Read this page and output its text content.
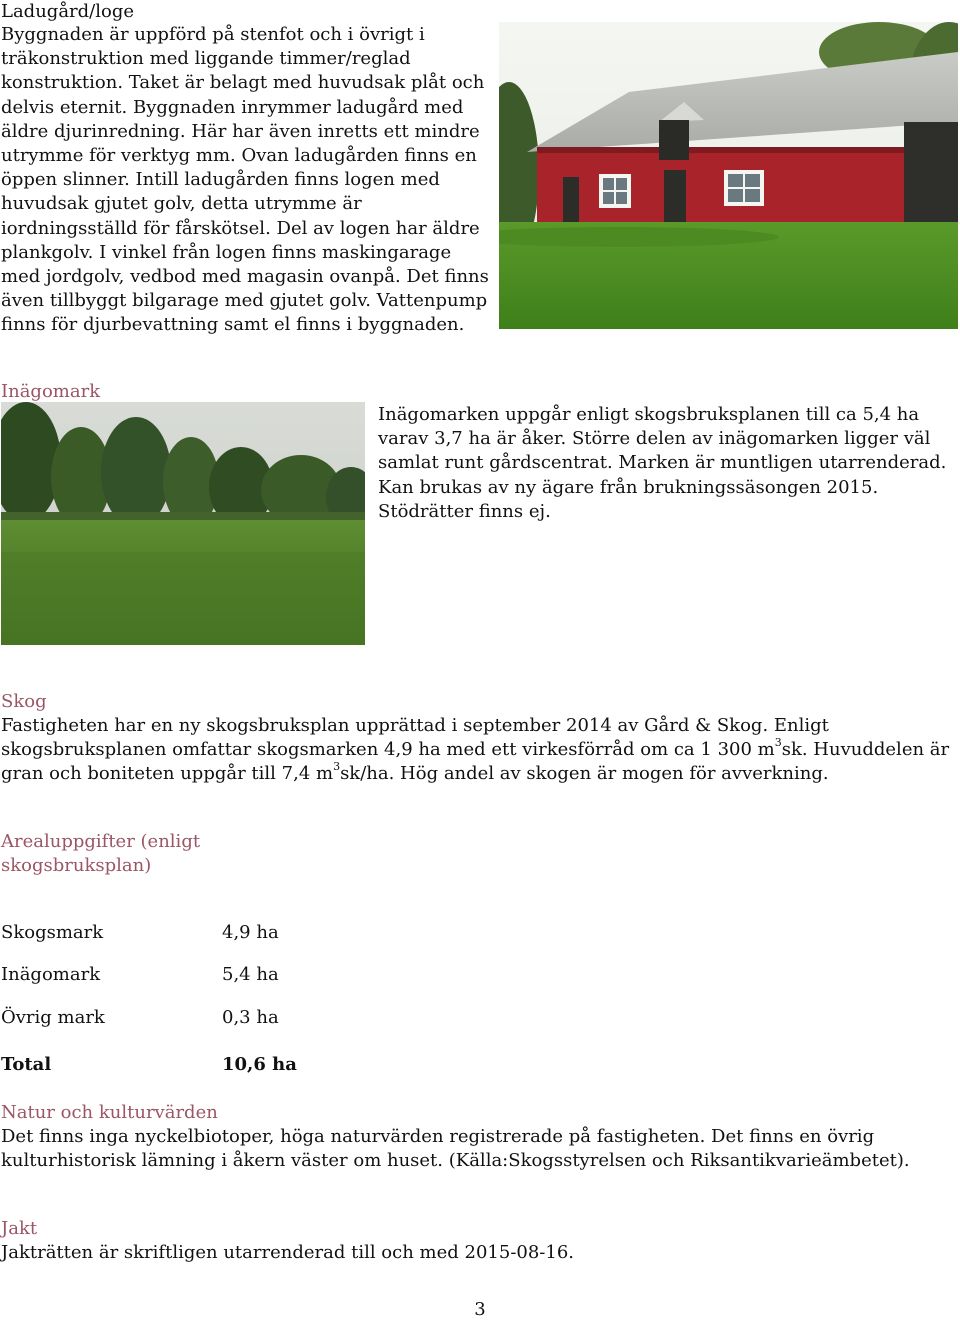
Ladugård/loge
Byggnaden är uppförd på stenfot och i övrigt i träkonstruktion med liggande timmer/reglad konstruktion. Taket är belagt med huvudsak plåt och delvis eternit. Byggnaden inrymmer ladugård med äldre djurinredning. Här har även inretts ett mindre utrymme för verktyg mm. Ovan ladugården finns en öppen slinner. Intill ladugården finns logen med huvudsak gjutet golv, detta utrymme är iordningsställd för fårskötsel. Del av logen har äldre plankgolv. I vinkel från logen finns maskingarage med jordgolv, vedbod med magasin ovanpå. Det finns även tillbyggt bilgarage med gjutet golv. Vattenpump finns för djurbevattning samt el finns i byggnaden.
Inägomark
Inägomarken uppgår enligt skogsbruksplanen till ca 5,4 ha varav 3,7 ha är åker. Större delen av inägomarken ligger väl samlat runt gårdscentrat. Marken är muntligen utarrenderad. Kan brukas av ny ägare från brukningssäsongen 2015. Stödrätter finns ej.
Skog
Fastigheten har en ny skogsbruksplan upprättad i september 2014 av Gård & Skog. Enligt skogsbruksplanen omfattar skogsmarken 4,9 ha med ett virkesförråd om ca 1 300 $m^3sk$. Huvuddelen är gran och boniteten uppgår till 7,4 $m^3sk/ha$. Hög andel av skogen är mogen för avverkning.
Arealuppgifter (enligt skogsbruksplan)
Skogsmark	4,9 ha
Inägomark	5,4 ha
Övrig mark	0,3 ha
Total	10,6 ha
Natur och kulturvärden
Det finns inga nyckelbiotoper, höga naturvärden registrerade på fastigheten. Det finns en övrig kulturhistorisk lämning i åkern väster om huset. (Källa:Skogsstyrelsen och Riksantikvarieämbetet).
Jakt
Jakträtten är skriftligen utarrenderad till och med 2015-08-16.
3
